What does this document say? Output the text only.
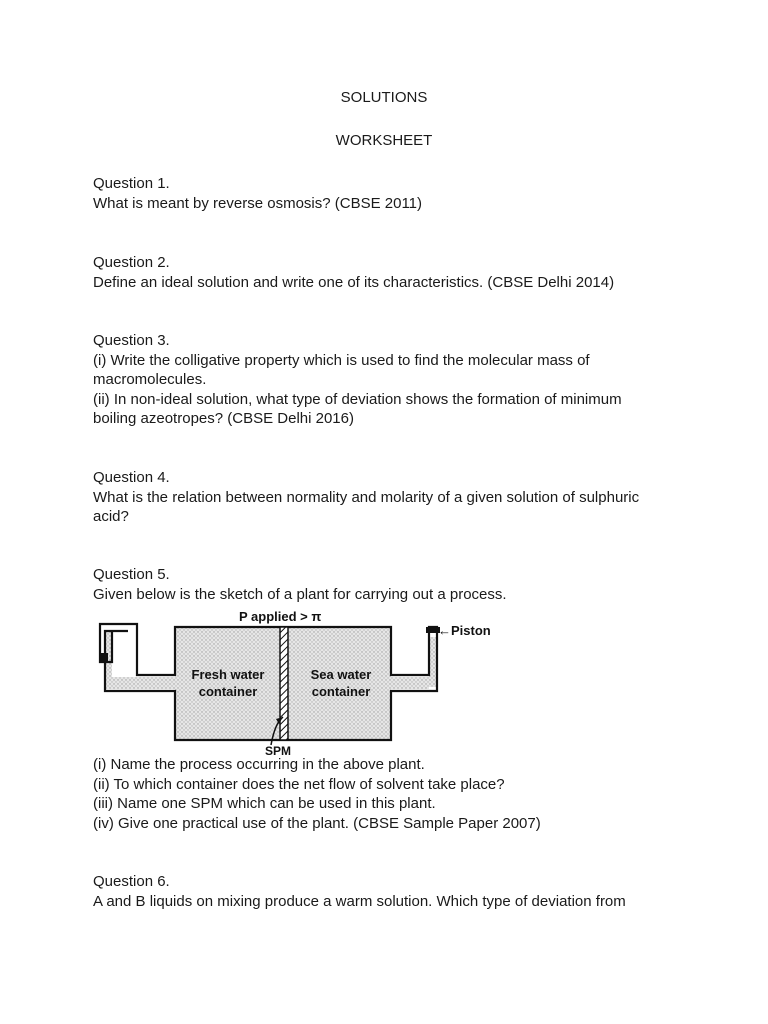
SOLUTIONS
WORKSHEET

Question 1.

What is meant by reverse osmosis? (CBSE 2011)

Question 2.

Define an ideal solution and write one of its characteristics. (CBSE Delhi 2014)

Question 3.

(i) Write the colligative property which is used to find the molecular mass of

macromolecules.

(ii) In non-ideal solution, what type of deviation shows the formation of minimum

boiling azeotropes? (CBSE Delhi 2016)

Question 4.

What is the relation between normality and molarity of a given solution of sulphuric

acid?

Question 5.

Given below is the sketch of a plant for carrying out a process.

P applied > π
←Piston
Fresh water
container
Sea water
container
SPM

(i) Name the process occurring in the above plant.

(ii) To which container does the net flow of solvent take place?

(iii) Name one SPM which can be used in this plant.

(iv) Give one practical use of the plant. (CBSE Sample Paper 2007)

Question 6.

A and B liquids on mixing produce a warm solution. Which type of deviation from
